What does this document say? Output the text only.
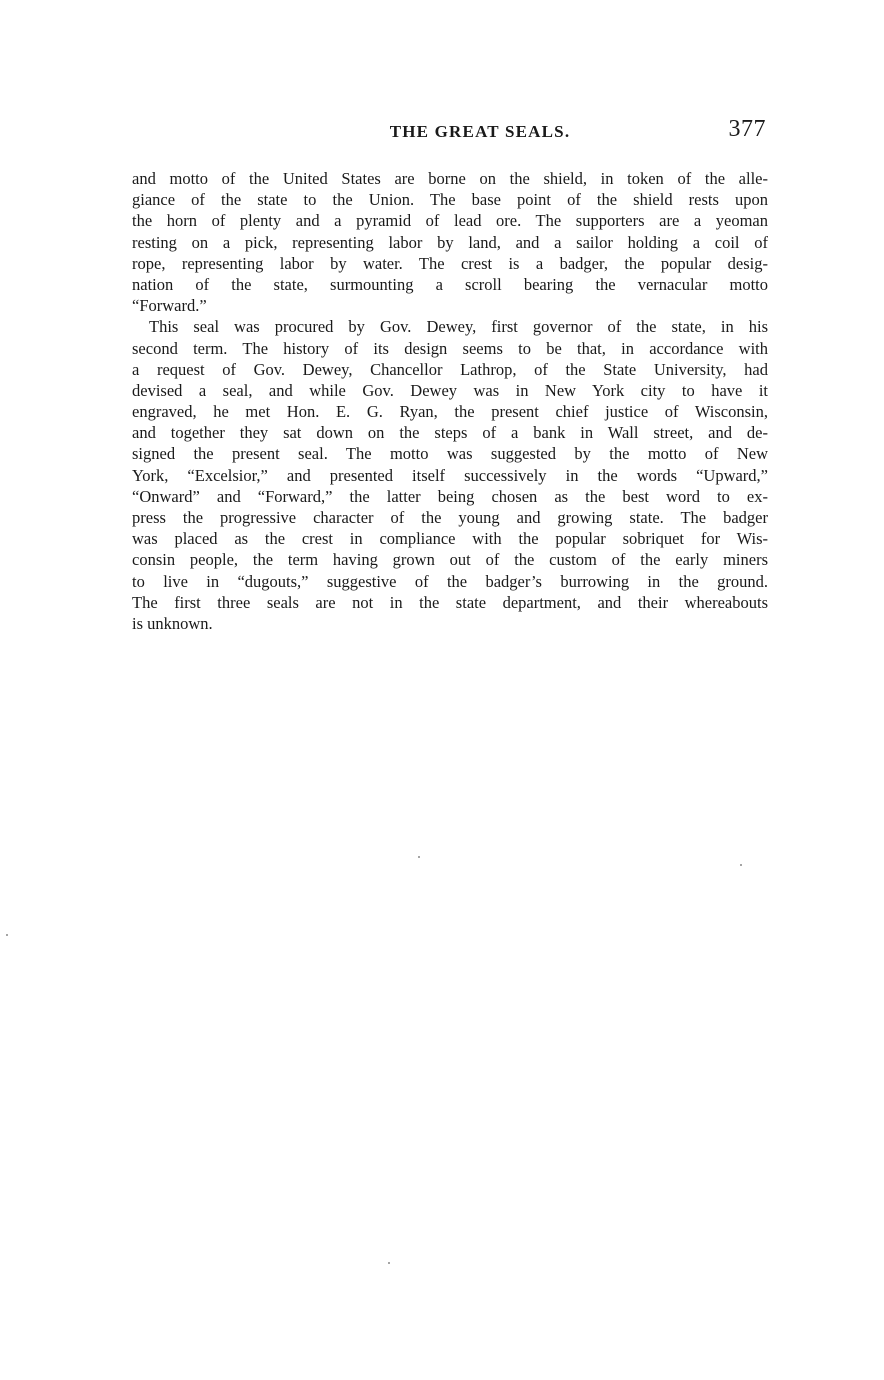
THE GREAT SEALS.	377
and motto of the United States are borne on the shield, in token of the alle-
giance of the state to the Union. The base point of the shield rests upon
the horn of plenty and a pyramid of lead ore. The supporters are a yeoman
resting on a pick, representing labor by land, and a sailor holding a coil of
rope, representing labor by water. The crest is a badger, the popular desig-
nation of the state, surmounting a scroll bearing the vernacular motto
“Forward.”
This seal was procured by Gov. Dewey, first governor of the state, in his
second term. The history of its design seems to be that, in accordance with
a request of Gov. Dewey, Chancellor Lathrop, of the State University, had
devised a seal, and while Gov. Dewey was in New York city to have it
engraved, he met Hon. E. G. Ryan, the present chief justice of Wisconsin,
and together they sat down on the steps of a bank in Wall street, and de-
signed the present seal. The motto was suggested by the motto of New
York, “Excelsior,” and presented itself successively in the words “Upward,”
“Onward” and “Forward,” the latter being chosen as the best word to ex-
press the progressive character of the young and growing state. The badger
was placed as the crest in compliance with the popular sobriquet for Wis-
consin people, the term having grown out of the custom of the early miners
to live in “dugouts,” suggestive of the badger’s burrowing in the ground.
The first three seals are not in the state department, and their whereabouts
is unknown.
